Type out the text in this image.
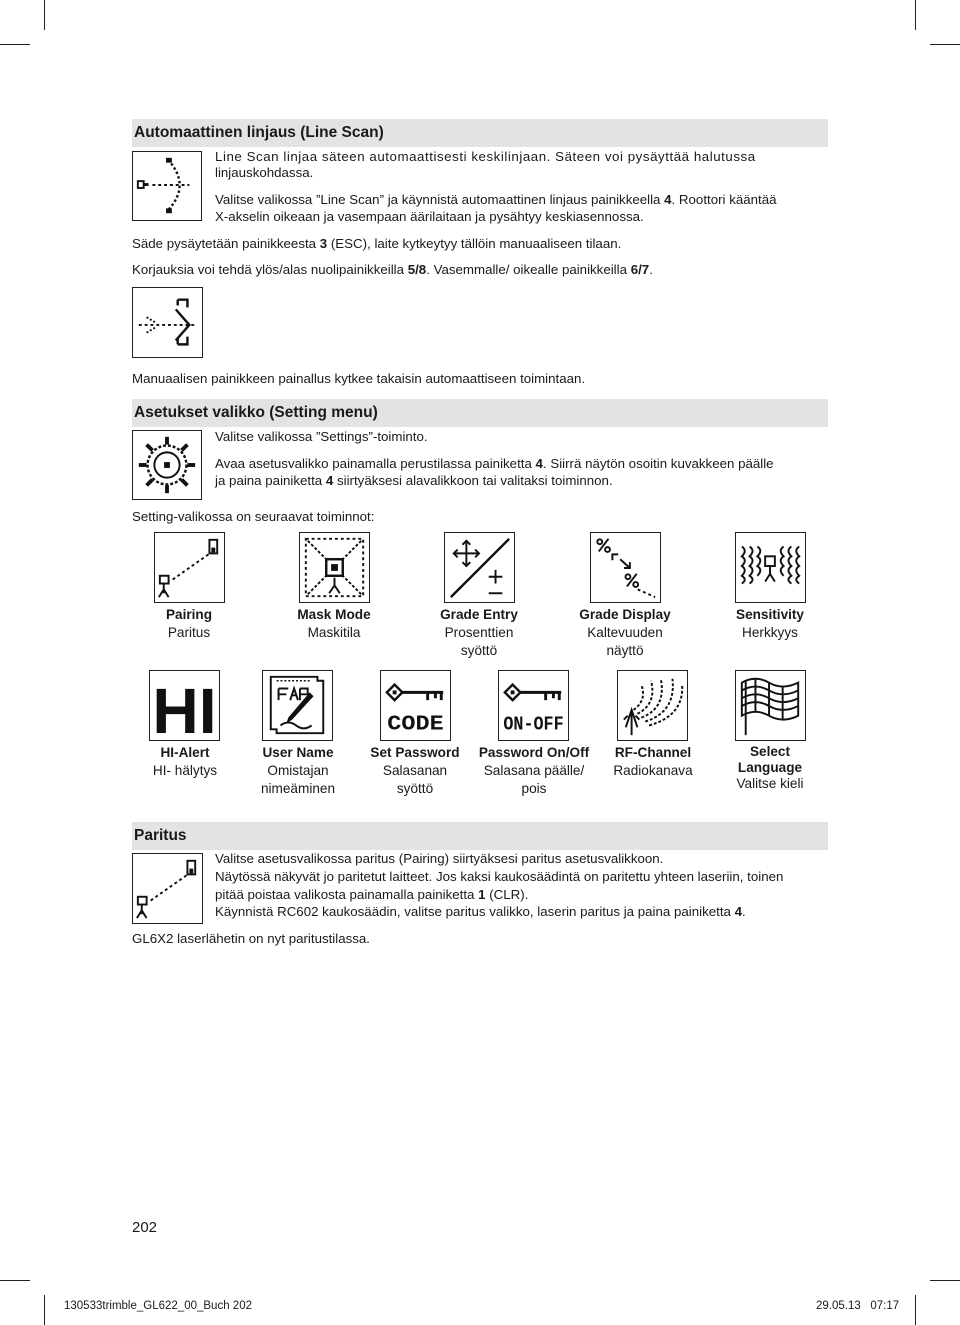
Automaattinen linjaus (Line Scan)
Line Scan linjaa säteen automaattisesti keskilinjaan. Säteen voi pysäyttää halutussa
linjauskohdassa.
Valitse valikossa ”Line Scan” ja käynnistä automaattinen linjaus painikkeella 4. Roottori kääntää
X-akselin oikeaan ja vasempaan äärilaitaan ja pysähtyy keskiasennossa.
Säde pysäytetään painikkeesta 3 (ESC), laite kytkeytyy tällöin manuaaliseen tilaan.
Korjauksia voi tehdä ylös/alas nuolipainikkeilla 5/8. Vasemmalle/ oikealle painikkeilla 6/7.
Manuaalisen painikkeen painallus kytkee takaisin automaattiseen toimintaan.
Asetukset valikko (Setting menu)
Valitse valikossa ”Settings”-toiminto.
Avaa asetusvalikko painamalla perustilassa painiketta 4. Siirrä näytön osoitin kuvakkeen päälle
ja paina painiketta 4 siirtyäksesi alavalikkoon tai valitaksi toiminnon.
Setting-valikossa on seuraavat toiminnot:
Pairing
Paritus
Mask Mode
Maskitila
Grade Entry
Prosenttien
syöttö
Grade Display
Kaltevuuden
näyttö
Sensitivity
Herkkyys
HI	CODE	ON-OFF
HI-Alert
HI- hälytys
User Name
Omistajan
nimeäminen
Set Password
Salasanan
syöttö
Password On/Off
Salasana päälle/
pois
RF-Channel
Radiokanava
Select
Language
Valitse kieli
Paritus
Valitse asetusvalikossa paritus (Pairing) siirtyäksesi paritus asetusvalikkoon.
Näytössä näkyvät jo paritetut laitteet. Jos kaksi kaukosäädintä on paritettu yhteen laseriin, toinen
pitää poistaa valikosta painamalla painiketta 1 (CLR).
Käynnistä RC602 kaukosäädin, valitse paritus valikko, laserin paritus ja paina painiketta 4.
GL6X2 laserlähetin on nyt paritustilassa.
202
130533trimble_GL622_00_Buch 202	29.05.13   07:17
